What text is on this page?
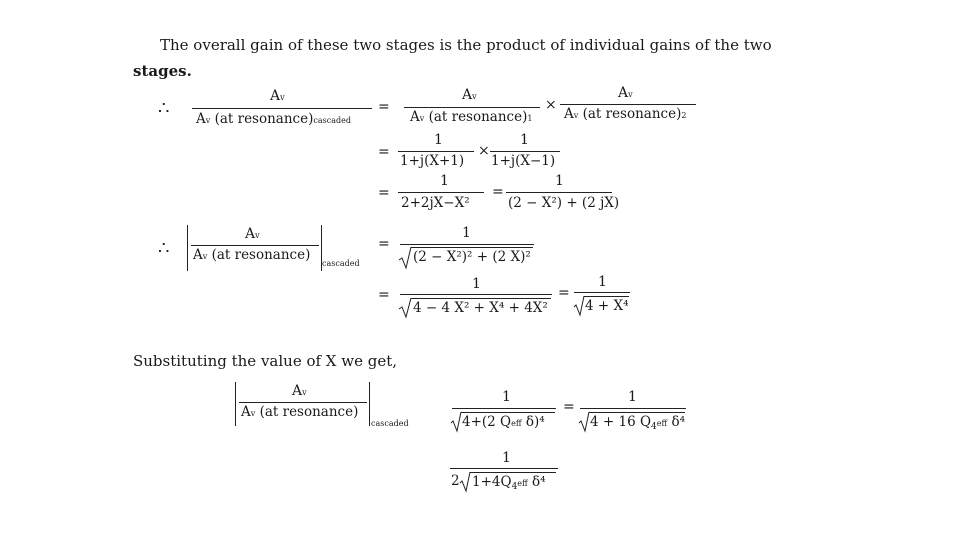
The overall gain of these two stages is the product of individual gains of the two
stages.
∴
Av
Av (at resonance)cascaded
=
Av
Av (at resonance)1
×
Av
Av (at resonance)2
=
1
1+j(X+1)
×
1
1+j(X−1)
=
1
2+2jX−X²
=
1
(2 − X²) + (2 jX)
∴
Av
Av (at resonance)
cascaded
=
1
(2 − X²)² + (2 X)²
=
1
4 − 4 X² + X⁴ + 4X²
=
1
4 + X⁴
Substituting the value of X we get,
Av
Av (at resonance)
cascaded
1
4+(2 Qeff δ)⁴
=
1
4 + 16 $Q^4eff$ δ⁴
1
2 $1+4Q^4eff$ δ⁴
